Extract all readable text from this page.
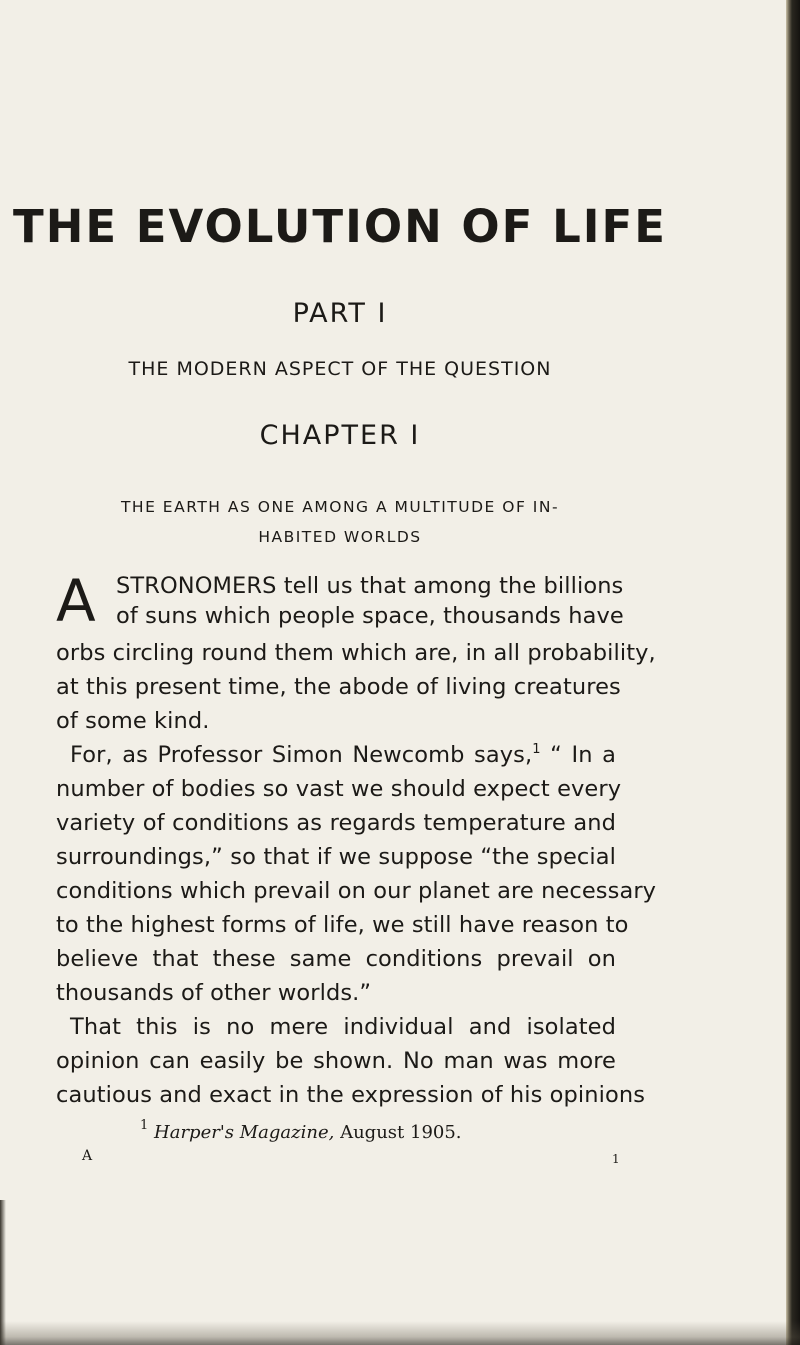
THE EVOLUTION OF LIFE
PART I
THE MODERN ASPECT OF THE QUESTION
CHAPTER I
THE EARTH AS ONE AMONG A MULTITUDE OF IN-
HABITED WORLDS
A STRONOMERS tell us that among the billions
of suns which people space, thousands have
orbs circling round them which are, in all probability,
at this present time, the abode of living creatures
of some kind.
For, as Professor Simon Newcomb says,$^1$ “ In a
number of bodies so vast we should expect every
variety of conditions as regards temperature and
surroundings,” so that if we suppose “the special
conditions which prevail on our planet are necessary
to the highest forms of life, we still have reason to
believe that these same conditions prevail on
thousands of other worlds.”
That this is no mere individual and isolated
opinion can easily be shown. No man was more
cautious and exact in the expression of his opinions
$^1$ Harper's Magazine, August 1905.
A	1
